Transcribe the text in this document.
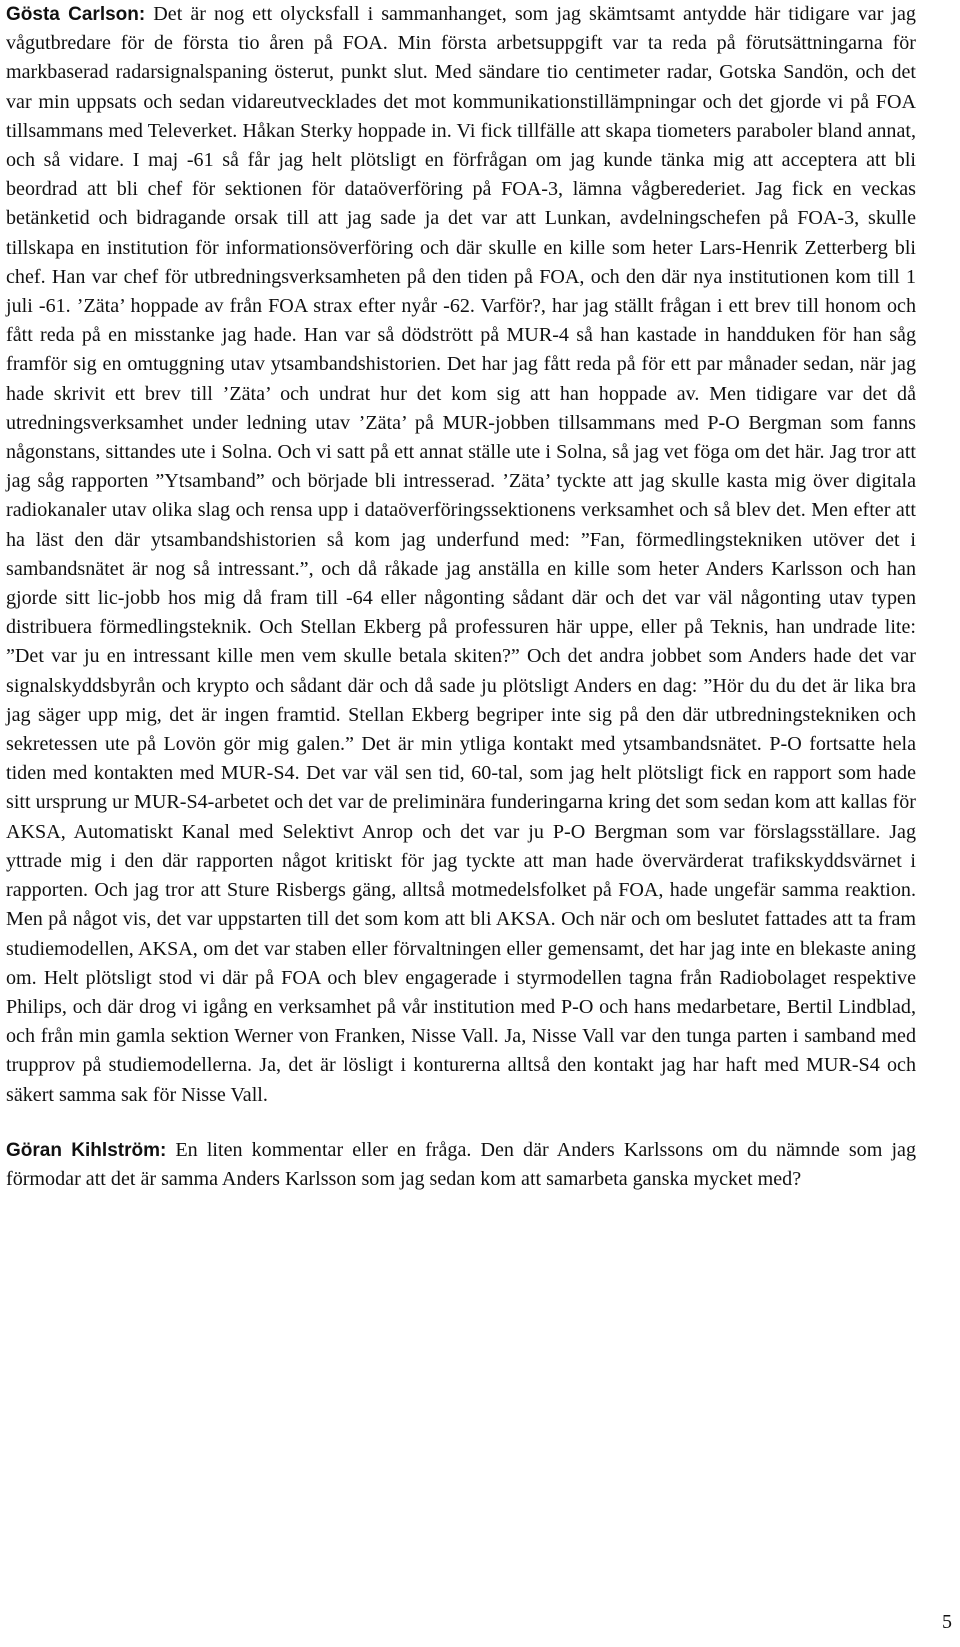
Gösta Carlson: Det är nog ett olycksfall i sammanhanget, som jag skämtsamt antydde här tidigare var jag vågutbredare för de första tio åren på FOA. Min första arbetsuppgift var ta reda på förutsättningarna för markbaserad radarsignalspaning österut, punkt slut. Med sändare tio centimeter radar, Gotska Sandön, och det var min uppsats och sedan vidareutvecklades det mot kommunikationstillämpningar och det gjorde vi på FOA tillsammans med Televerket. Håkan Sterky hoppade in. Vi fick tillfälle att skapa tiometers paraboler bland annat, och så vidare. I maj -61 så får jag helt plötsligt en förfrågan om jag kunde tänka mig att acceptera att bli beordrad att bli chef för sektionen för dataöverföring på FOA-3, lämna vågberederiet. Jag fick en veckas betänketid och bidragande orsak till att jag sade ja det var att Lunkan, avdelningschefen på FOA-3, skulle tillskapa en institution för informationsöverföring och där skulle en kille som heter Lars-Henrik Zetterberg bli chef. Han var chef för utbredningsverksamheten på den tiden på FOA, och den där nya institutionen kom till 1 juli -61. ’Zäta’ hoppade av från FOA strax efter nyår -62. Varför?, har jag ställt frågan i ett brev till honom och fått reda på en misstanke jag hade. Han var så dödstrött på MUR-4 så han kastade in handduken för han såg framför sig en omtuggning utav ytsambandshistorien. Det har jag fått reda på för ett par månader sedan, när jag hade skrivit ett brev till ’Zäta’ och undrat hur det kom sig att han hoppade av. Men tidigare var det då utredningsverksamhet under ledning utav ’Zäta’ på MUR-jobben tillsammans med P-O Bergman som fanns någonstans, sittandes ute i Solna. Och vi satt på ett annat ställe ute i Solna, så jag vet föga om det här. Jag tror att jag såg rapporten ”Ytsamband” och började bli intresserad. ’Zäta’ tyckte att jag skulle kasta mig över digitala radiokanaler utav olika slag och rensa upp i dataöverföringssektionens verksamhet och så blev det. Men efter att ha läst den där ytsambandshistorien så kom jag underfund med: ”Fan, förmedlingstekniken utöver det i sambandsnätet är nog så intressant.”, och då råkade jag anställa en kille som heter Anders Karlsson och han gjorde sitt lic-jobb hos mig då fram till -64 eller någonting sådant där och det var väl någonting utav typen distribuera förmedlingsteknik. Och Stellan Ekberg på professuren här uppe, eller på Teknis, han undrade lite: ”Det var ju en intressant kille men vem skulle betala skiten?” Och det andra jobbet som Anders hade det var signalskyddsbyrån och krypto och sådant där och då sade ju plötsligt Anders en dag: ”Hör du du det är lika bra jag säger upp mig, det är ingen framtid. Stellan Ekberg begriper inte sig på den där utbredningstekniken och sekretessen ute på Lovön gör mig galen.” Det är min ytliga kontakt med ytsambandsnätet. P-O fortsatte hela tiden med kontakten med MUR-S4. Det var väl sen tid, 60-tal, som jag helt plötsligt fick en rapport som hade sitt ursprung ur MUR-S4-arbetet och det var de preliminära funderingarna kring det som sedan kom att kallas för AKSA, Automatiskt Kanal med Selektivt Anrop och det var ju P-O Bergman som var förslagsställare. Jag yttrade mig i den där rapporten något kritiskt för jag tyckte att man hade övervärderat trafikskyddsvärnet i rapporten. Och jag tror att Sture Risbergs gäng, alltså motmedelsfolket på FOA, hade ungefär samma reaktion. Men på något vis, det var uppstarten till det som kom att bli AKSA. Och när och om beslutet fattades att ta fram studiemodellen, AKSA, om det var staben eller förvaltningen eller gemensamt, det har jag inte en blekaste aning om. Helt plötsligt stod vi där på FOA och blev engagerade i styrmodellen tagna från Radiobolaget respektive Philips, och där drog vi igång en verksamhet på vår institution med P-O och hans medarbetare, Bertil Lindblad, och från min gamla sektion Werner von Franken, Nisse Vall. Ja, Nisse Vall var den tunga parten i samband med trupprov på studiemodellerna. Ja, det är lösligt i konturerna alltså den kontakt jag har haft med MUR-S4 och säkert samma sak för Nisse Vall.

Göran Kihlström: En liten kommentar eller en fråga. Den där Anders Karlssons om du nämnde som jag förmodar att det är samma Anders Karlsson som jag sedan kom att samarbeta ganska mycket med?

5
